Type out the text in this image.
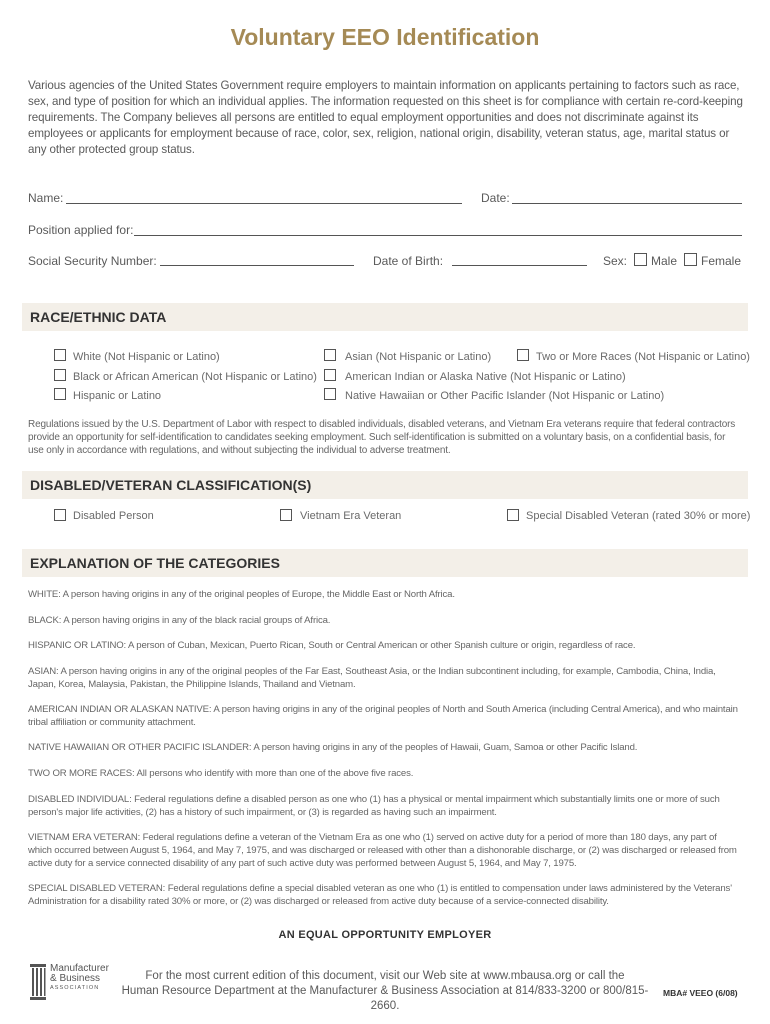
Voluntary EEO Identification
Various agencies of the United States Government require employers to maintain information on applicants pertaining to factors such as race, sex, and type of position for which an individual applies. The information requested on this sheet is for compliance with certain re-cord-keeping requirements. The Company believes all persons are entitled to equal employment opportunities and does not discriminate against its employees or applicants for employment because of race, color, sex, religion, national origin, disability, veteran status, age, marital status or any other protected group status.
Name:	Date:
Position applied for:
Social Security Number:	Date of Birth:	Sex: Male Female
RACE/ETHNIC DATA
White (Not Hispanic or Latino)
Black or African American (Not Hispanic or Latino)
Hispanic or Latino
Asian (Not Hispanic or Latino)
American Indian or Alaska Native (Not Hispanic or Latino)
Native Hawaiian or Other Pacific Islander (Not Hispanic or Latino)
Two or More Races (Not Hispanic or Latino)
Regulations issued by the U.S. Department of Labor with respect to disabled individuals, disabled veterans, and Vietnam Era veterans require that federal contractors provide an opportunity for self-identification to candidates seeking employment. Such self-identification is submitted on a voluntary basis, on a confidential basis, for use only in accordance with regulations, and without subjecting the individual to adverse treatment.
DISABLED/VETERAN CLASSIFICATION(S)
Disabled Person	Vietnam Era Veteran	Special Disabled Veteran (rated 30% or more)
EXPLANATION OF THE CATEGORIES
WHITE: A person having origins in any of the original peoples of Europe, the Middle East or North Africa.
BLACK: A person having origins in any of the black racial groups of Africa.
HISPANIC OR LATINO: A person of Cuban, Mexican, Puerto Rican, South or Central American or other Spanish culture or origin, regardless of race.
ASIAN: A person having origins in any of the original peoples of the Far East, Southeast Asia, or the Indian subcontinent including, for example, Cambodia, China, India, Japan, Korea, Malaysia, Pakistan, the Philippine Islands, Thailand and Vietnam.
AMERICAN INDIAN OR ALASKAN NATIVE: A person having origins in any of the original peoples of North and South America (including Central America), and who maintain tribal affiliation or community attachment.
NATIVE HAWAIIAN OR OTHER PACIFIC ISLANDER: A person having origins in any of the peoples of Hawaii, Guam, Samoa or other Pacific Island.
TWO OR MORE RACES: All persons who identify with more than one of the above five races.
DISABLED INDIVIDUAL: Federal regulations define a disabled person as one who (1) has a physical or mental impairment which substantially limits one or more of such person's major life activities, (2) has a history of such impairment, or (3) is regarded as having such an impairment.
VIETNAM ERA VETERAN: Federal regulations define a veteran of the Vietnam Era as one who (1) served on active duty for a period of more than 180 days, any part of which occurred between August 5, 1964, and May 7, 1975, and was discharged or released with other than a dishonorable discharge, or (2) was discharged or released from active duty for a service connected disability of any part of such active duty was performed between August 5, 1964, and May 7, 1975.
SPECIAL DISABLED VETERAN: Federal regulations define a special disabled veteran as one who (1) is entitled to compensation under laws administered by the Veterans' Administration for a disability rated 30% or more, or (2) was discharged or released from active duty because of a service-connected disability.
AN EQUAL OPPORTUNITY EMPLOYER
Manufacturer
& Business
ASSOCIATION
For the most current edition of this document, visit our Web site at www.mbausa.org or call the
Human Resource Department at the Manufacturer & Business Association at 814/833-3200 or 800/815-2660.
MBA# VEEO (6/08)
